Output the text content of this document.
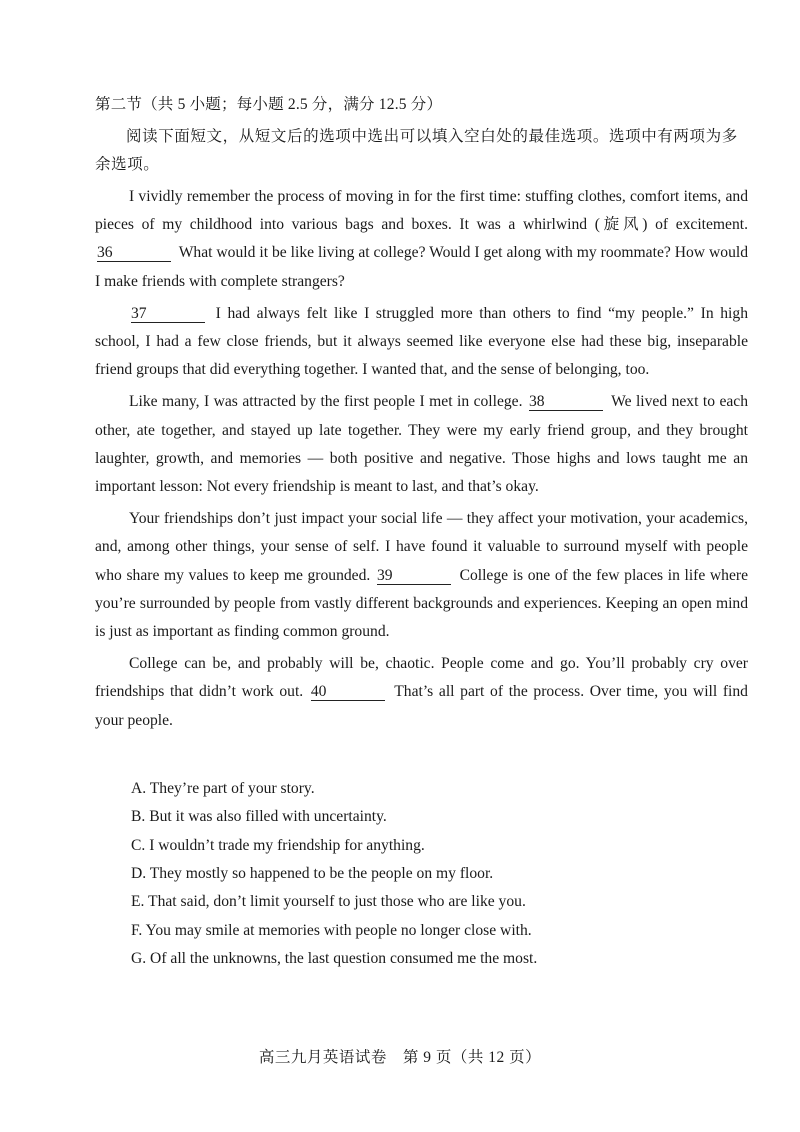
第二节（共 5 小题；每小题 2.5 分，满分 12.5 分）

阅读下面短文，从短文后的选项中选出可以填入空白处的最佳选项。选项中有两项为多余选项。

I vividly remember the process of moving in for the first time: stuffing clothes, comfort items, and pieces of my childhood into various bags and boxes. It was a whirlwind (旋风) of excitement. 36	What would it be like living at college? Would I get along with my roommate? How would I make friends with complete strangers?

37	I had always felt like I struggled more than others to find “my people.” In high school, I had a few close friends, but it always seemed like everyone else had these big, inseparable friend groups that did everything together. I wanted that, and the sense of belonging, too.

Like many, I was attracted by the first people I met in college. 38	We lived next to each other, ate together, and stayed up late together. They were my early friend group, and they brought laughter, growth, and memories — both positive and negative. Those highs and lows taught me an important lesson: Not every friendship is meant to last, and that’s okay.

Your friendships don’t just impact your social life — they affect your motivation, your academics, and, among other things, your sense of self. I have found it valuable to surround myself with people who share my values to keep me grounded. 39	College is one of the few places in life where you’re surrounded by people from vastly different backgrounds and experiences. Keeping an open mind is just as important as finding common ground.

College can be, and probably will be, chaotic. People come and go. You’ll probably cry over friendships that didn’t work out. 40	That’s all part of the process. Over time, you will find your people.

A. They’re part of your story.

B. But it was also filled with uncertainty.

C. I wouldn’t trade my friendship for anything.

D. They mostly so happened to be the people on my floor.

E. That said, don’t limit yourself to just those who are like you.

F. You may smile at memories with people no longer close with.

G. Of all the unknowns, the last question consumed me the most.

高三九月英语试卷　第 9 页（共 12 页）
